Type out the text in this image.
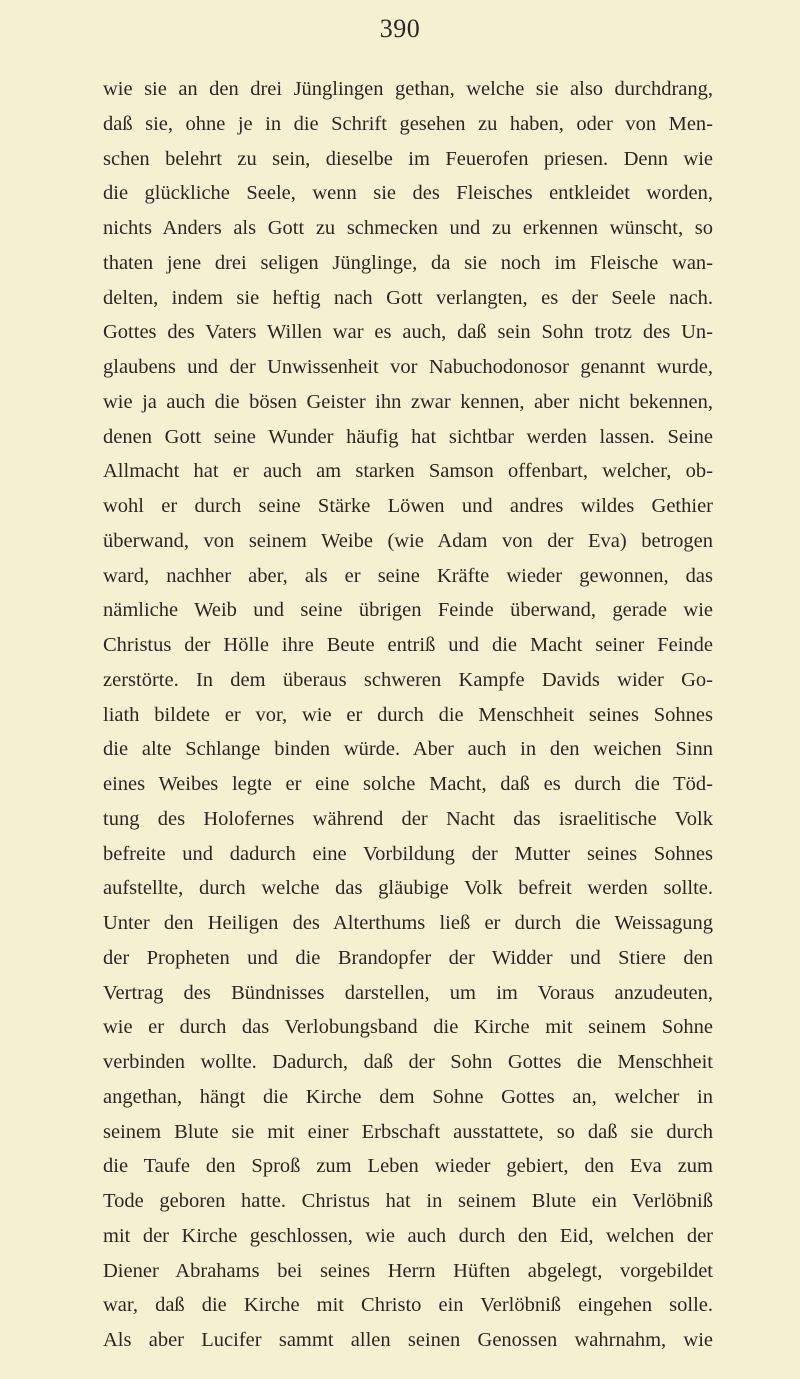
390
wie sie an den drei Jünglingen gethan, welche sie also durchdrang,
daß sie, ohne je in die Schrift gesehen zu haben, oder von Men-
schen belehrt zu sein, dieselbe im Feuerofen priesen. Denn wie
die glückliche Seele, wenn sie des Fleisches entkleidet worden,
nichts Anders als Gott zu schmecken und zu erkennen wünscht, so
thaten jene drei seligen Jünglinge, da sie noch im Fleische wan-
delten, indem sie heftig nach Gott verlangten, es der Seele nach.
Gottes des Vaters Willen war es auch, daß sein Sohn trotz des Un-
glaubens und der Unwissenheit vor Nabuchodonosor genannt wurde,
wie ja auch die bösen Geister ihn zwar kennen, aber nicht bekennen,
denen Gott seine Wunder häufig hat sichtbar werden lassen. Seine
Allmacht hat er auch am starken Samson offenbart, welcher, ob-
wohl er durch seine Stärke Löwen und andres wildes Gethier
überwand, von seinem Weibe (wie Adam von der Eva) betrogen
ward, nachher aber, als er seine Kräfte wieder gewonnen, das
nämliche Weib und seine übrigen Feinde überwand, gerade wie
Christus der Hölle ihre Beute entriß und die Macht seiner Feinde
zerstörte. In dem überaus schweren Kampfe Davids wider Go-
liath bildete er vor, wie er durch die Menschheit seines Sohnes
die alte Schlange binden würde. Aber auch in den weichen Sinn
eines Weibes legte er eine solche Macht, daß es durch die Töd-
tung des Holofernes während der Nacht das israelitische Volk
befreite und dadurch eine Vorbildung der Mutter seines Sohnes
aufstellte, durch welche das gläubige Volk befreit werden sollte.
Unter den Heiligen des Alterthums ließ er durch die Weissagung
der Propheten und die Brandopfer der Widder und Stiere den
Vertrag des Bündnisses darstellen, um im Voraus anzudeuten,
wie er durch das Verlobungsband die Kirche mit seinem Sohne
verbinden wollte. Dadurch, daß der Sohn Gottes die Menschheit
angethan, hängt die Kirche dem Sohne Gottes an, welcher in
seinem Blute sie mit einer Erbschaft ausstattete, so daß sie durch
die Taufe den Sproß zum Leben wieder gebiert, den Eva zum
Tode geboren hatte. Christus hat in seinem Blute ein Verlöbniß
mit der Kirche geschlossen, wie auch durch den Eid, welchen der
Diener Abrahams bei seines Herrn Hüften abgelegt, vorgebildet
war, daß die Kirche mit Christo ein Verlöbniß eingehen solle.
Als aber Lucifer sammt allen seinen Genossen wahrnahm, wie
